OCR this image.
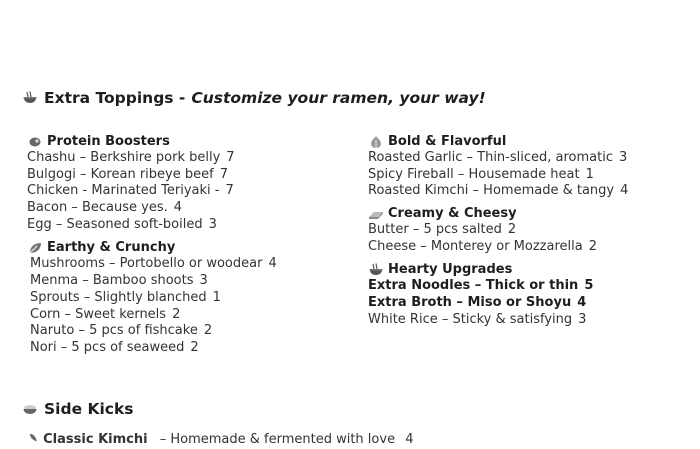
Extra Toppings - Customize your ramen, your way!
Protein Boosters
Chashu – Berkshire pork belly 7
Bulgogi – Korean ribeye beef 7
Chicken - Marinated Teriyaki - 7
Bacon – Because yes. 4
Egg – Seasoned soft-boiled 3
Earthy & Crunchy
Mushrooms – Portobello or woodear 4
Menma – Bamboo shoots 3
Sprouts – Slightly blanched 1
Corn – Sweet kernels 2
Naruto – 5 pcs of fishcake 2
Nori – 5 pcs of seaweed 2
Bold & Flavorful
Roasted Garlic – Thin-sliced, aromatic 3
Spicy Fireball – Housemade heat 1
Roasted Kimchi – Homemade & tangy 4
Creamy & Cheesy
Butter – 5 pcs salted 2
Cheese – Monterey or Mozzarella 2
Hearty Upgrades
Extra Noodles – Thick or thin 5
Extra Broth – Miso or Shoyu 4
White Rice – Sticky & satisfying 3
Side Kicks
Classic Kimchi – Homemade & fermented with love 4
